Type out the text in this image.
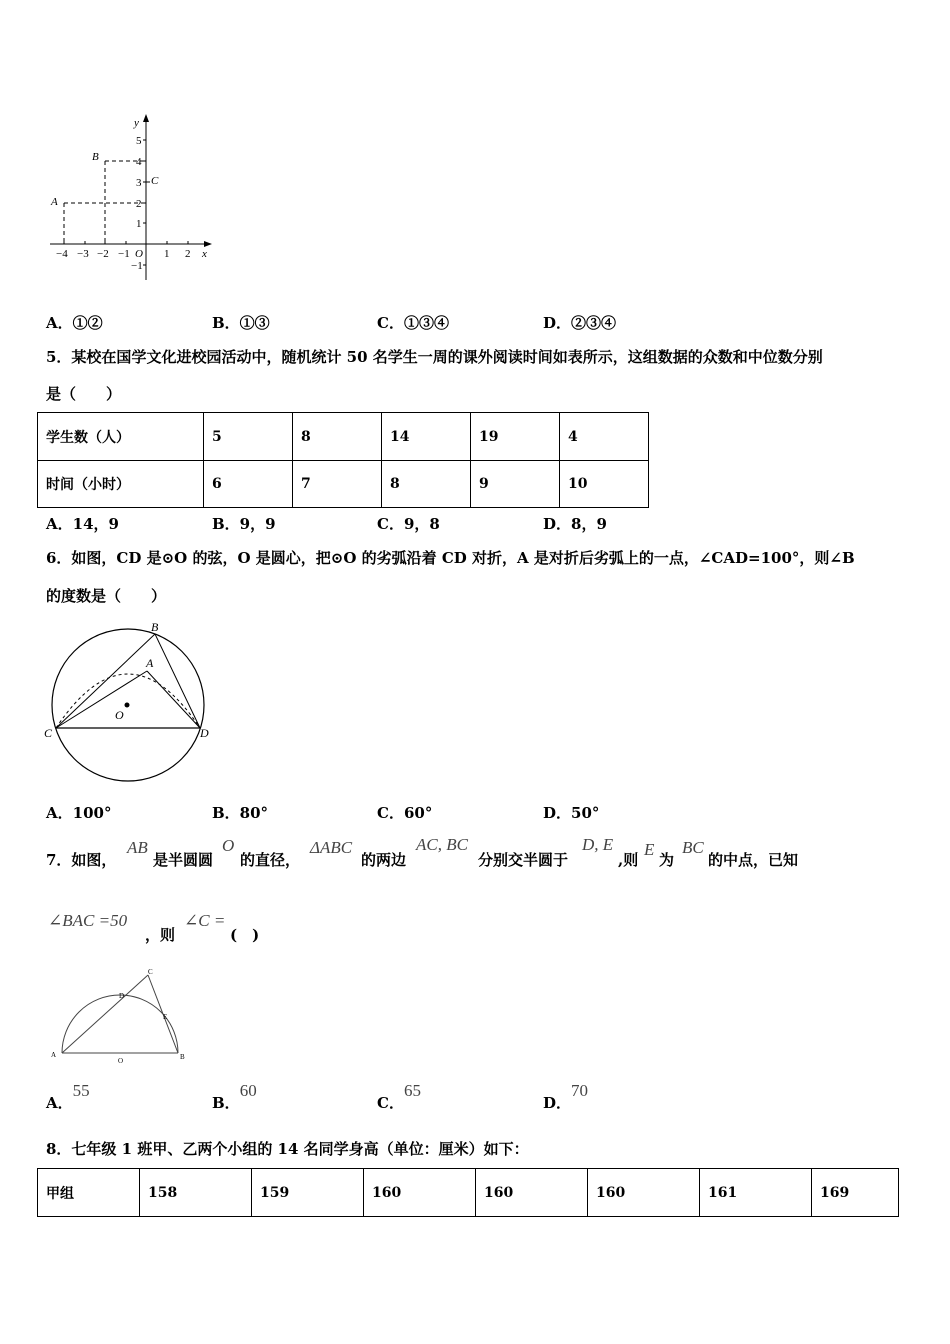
y
x
O
5
4
3
2
1
−1
−4 −3 −2 −1	1 2
A
B
C
A．①②	B．①③	C．①③④	D．②③④
5．某校在国学文化进校园活动中，随机统计 50 名学生一周的课外阅读时间如表所示，这组数据的众数和中位数分别
是（　　）
学生数（人）	5	8	14	19	4
时间（小时）	6	7	8	9	10
A．14，9	B．9，9	C．9，8	D．8，9
6．如图，CD 是⊙O 的弦，O 是圆心，把⊙O 的劣弧沿着 CD 对折，A 是对折后劣弧上的一点，∠CAD=100°，则∠B
的度数是（　　）
B
A
O
C	D
A．100°	B．80°	C．60°	D．50°
7．如图，
AB
是半圆圆
O
的直径，
ΔABC
的两边
AC, BC
分别交半圆于
D, E
,则
E
为
BC
的中点，已知
∠BAC =50
，则
∠C =
(　)
A
O	B
C
D
E
A．55
B．60
C．65
D．70
8．七年级 1 班甲、乙两个小组的 14 名同学身高（单位：厘米）如下：
甲组	158	159	160	160	160	161	169
